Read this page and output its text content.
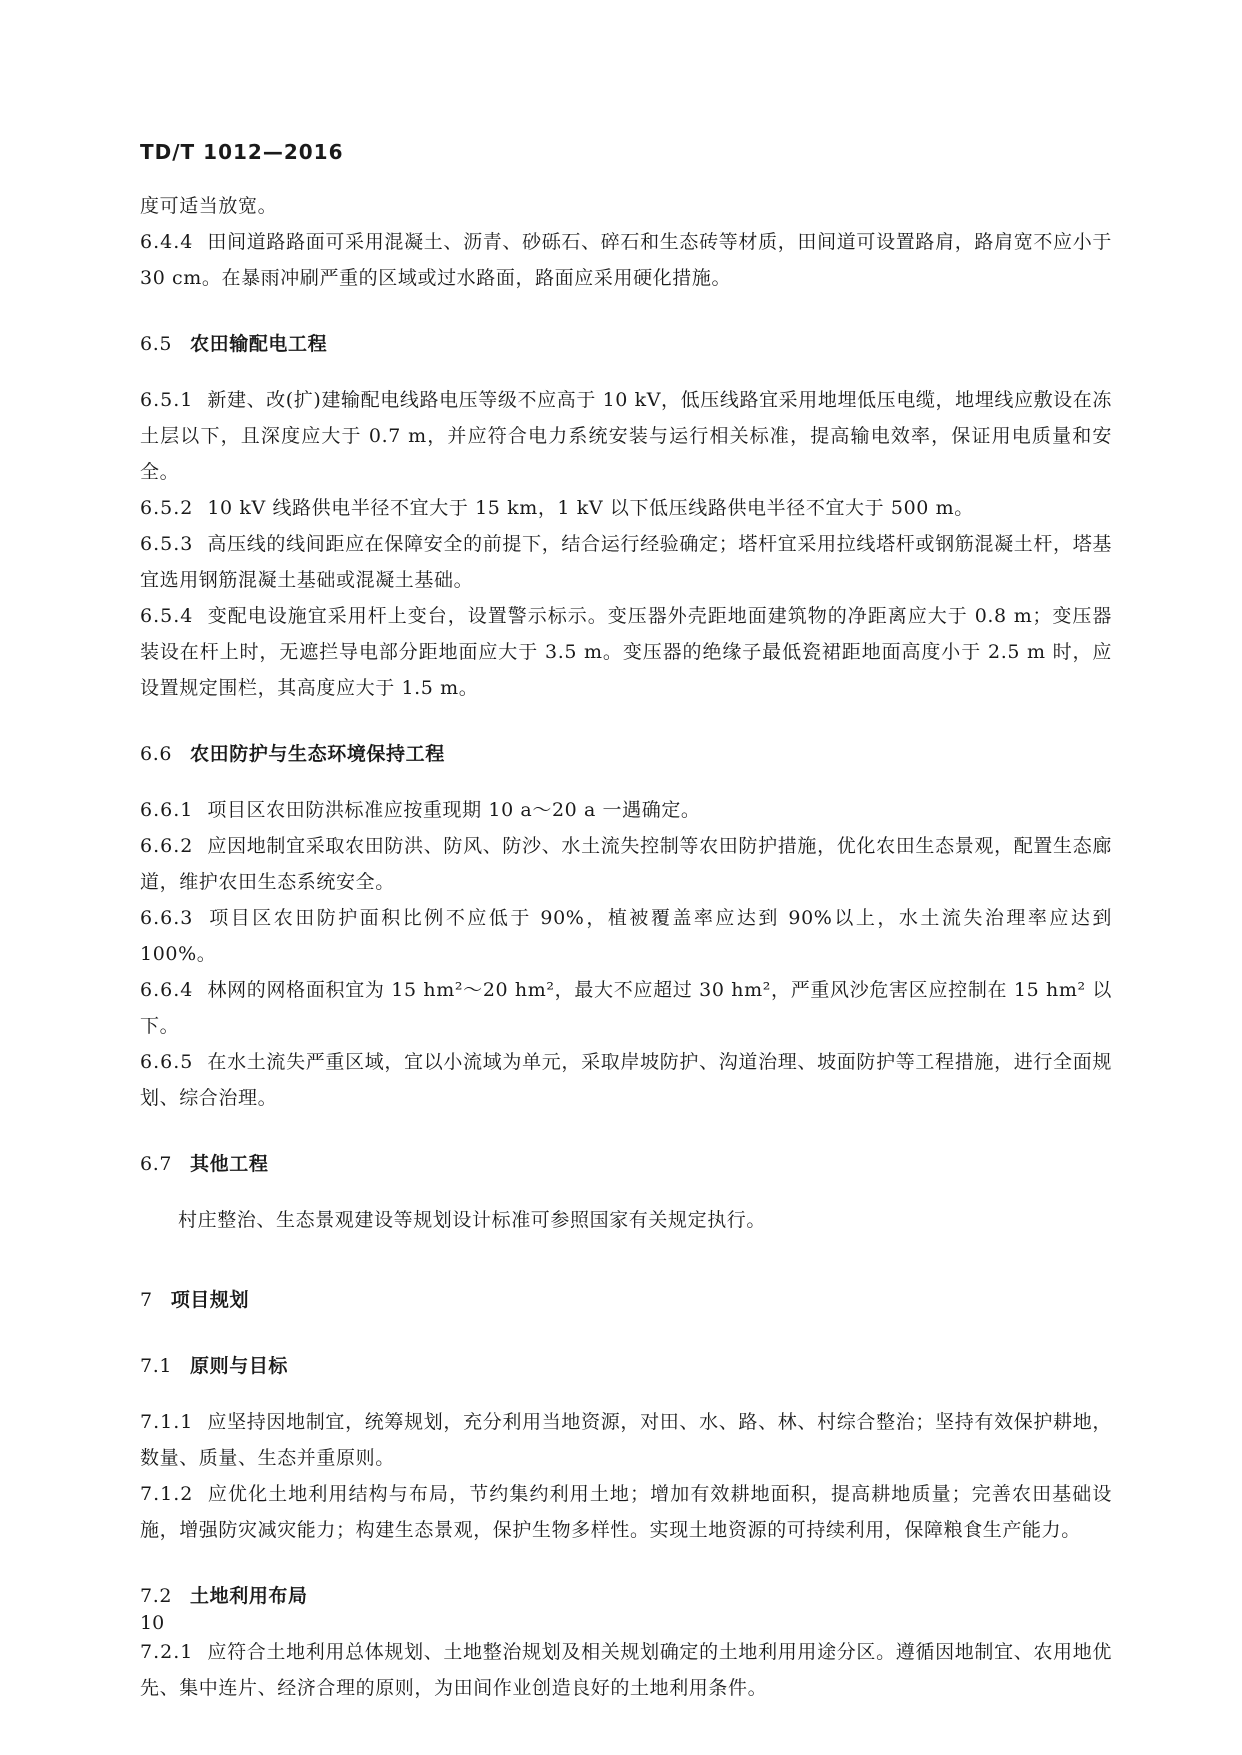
TD/T 1012—2016

度可适当放宽。

6.4.4 田间道路路面可采用混凝土、沥青、砂砾石、碎石和生态砖等材质，田间道可设置路肩，路肩宽不应小于 30 cm。在暴雨冲刷严重的区域或过水路面，路面应采用硬化措施。

6.5 农田输配电工程

6.5.1 新建、改(扩)建输配电线路电压等级不应高于 10 kV，低压线路宜采用地埋低压电缆，地埋线应敷设在冻土层以下，且深度应大于 0.7 m，并应符合电力系统安装与运行相关标准，提高输电效率，保证用电质量和安全。

6.5.2 10 kV 线路供电半径不宜大于 15 km，1 kV 以下低压线路供电半径不宜大于 500 m。

6.5.3 高压线的线间距应在保障安全的前提下，结合运行经验确定；塔杆宜采用拉线塔杆或钢筋混凝土杆，塔基宜选用钢筋混凝土基础或混凝土基础。

6.5.4 变配电设施宜采用杆上变台，设置警示标示。变压器外壳距地面建筑物的净距离应大于 0.8 m；变压器装设在杆上时，无遮拦导电部分距地面应大于 3.5 m。变压器的绝缘子最低瓷裙距地面高度小于 2.5 m 时，应设置规定围栏，其高度应大于 1.5 m。

6.6 农田防护与生态环境保持工程

6.6.1 项目区农田防洪标准应按重现期 10 a～20 a 一遇确定。

6.6.2 应因地制宜采取农田防洪、防风、防沙、水土流失控制等农田防护措施，优化农田生态景观，配置生态廊道，维护农田生态系统安全。

6.6.3 项目区农田防护面积比例不应低于 90%，植被覆盖率应达到 90%以上，水土流失治理率应达到 100%。

6.6.4 林网的网格面积宜为 15 hm²～20 hm²，最大不应超过 30 hm²，严重风沙危害区应控制在 15 hm² 以下。

6.6.5 在水土流失严重区域，宜以小流域为单元，采取岸坡防护、沟道治理、坡面防护等工程措施，进行全面规划、综合治理。

6.7 其他工程

村庄整治、生态景观建设等规划设计标准可参照国家有关规定执行。

7 项目规划

7.1 原则与目标

7.1.1 应坚持因地制宜，统筹规划，充分利用当地资源，对田、水、路、林、村综合整治；坚持有效保护耕地，数量、质量、生态并重原则。

7.1.2 应优化土地利用结构与布局，节约集约利用土地；增加有效耕地面积，提高耕地质量；完善农田基础设施，增强防灾减灾能力；构建生态景观，保护生物多样性。实现土地资源的可持续利用，保障粮食生产能力。

7.2 土地利用布局

7.2.1 应符合土地利用总体规划、土地整治规划及相关规划确定的土地利用用途分区。遵循因地制宜、农用地优先、集中连片、经济合理的原则，为田间作业创造良好的土地利用条件。

10
